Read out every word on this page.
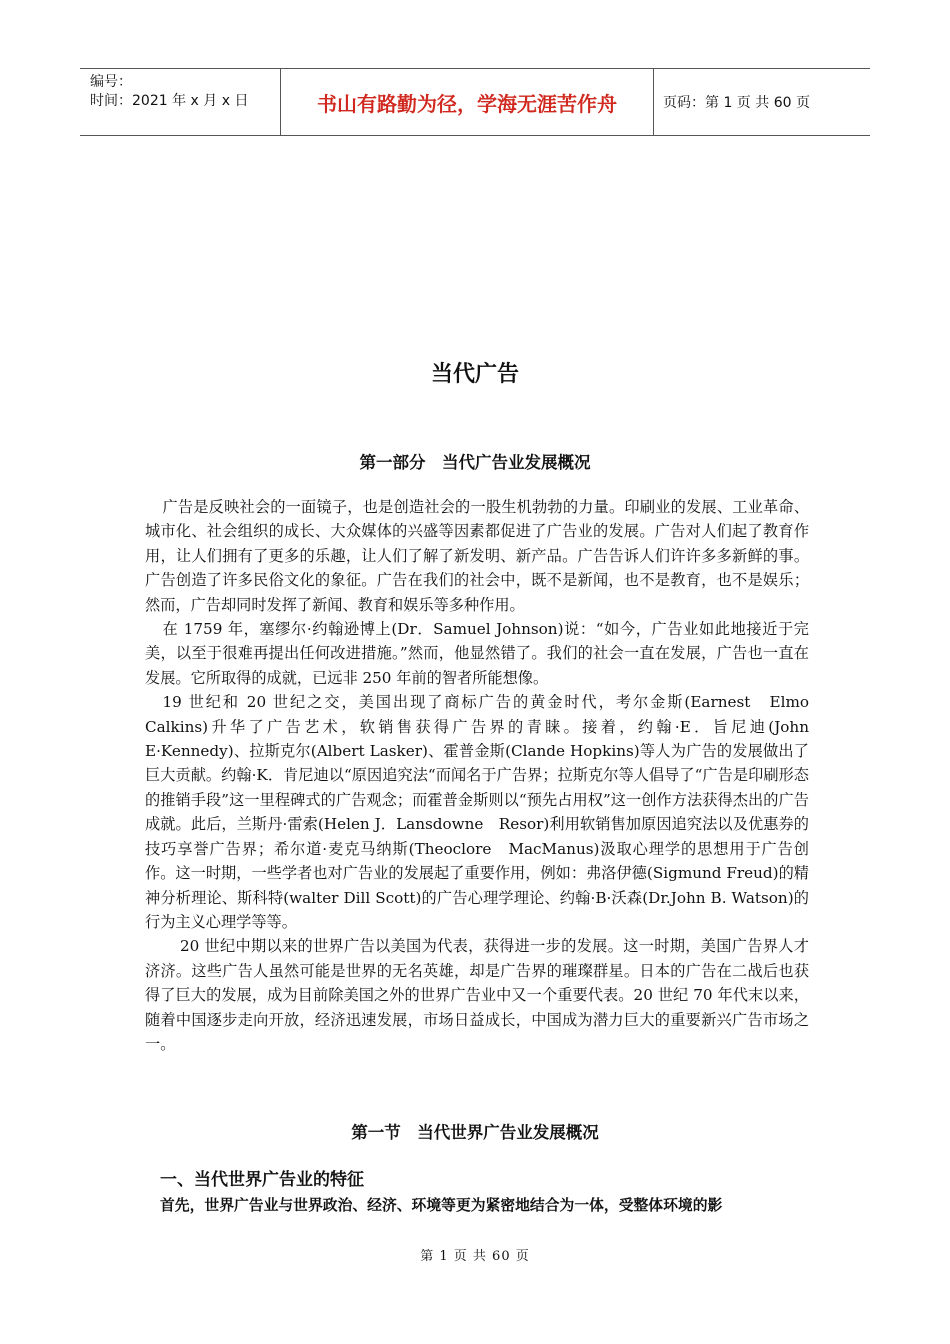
编号：
时间：2021 年 x 月 x 日	书山有路勤为径，学海无涯苦作舟	页码：第 1 页 共 60 页
当代广告
第一部分　当代广告业发展概况

广告是反映社会的一面镜子，也是创造社会的一股生机勃勃的力量。印刷业的发展、工业革命、城市化、社会组织的成长、大众媒体的兴盛等因素都促进了广告业的发展。广告对人们起了教育作用，让人们拥有了更多的乐趣，让人们了解了新发明、新产品。广告告诉人们许许多多新鲜的事。广告创造了许多民俗文化的象征。广告在我们的社会中，既不是新闻，也不是教育，也不是娱乐；然而，广告却同时发挥了新闻、教育和娱乐等多种作用。

在 1759 年，塞缪尔·约翰逊博上(Dr．Samuel Johnson)说：“如今，广告业如此地接近于完美，以至于很难再提出任何改进措施。”然而，他显然错了。我们的社会一直在发展，广告也一直在发展。它所取得的成就，已远非 250 年前的智者所能想像。

19 世纪和 20 世纪之交，美国出现了商标广告的黄金时代，考尔金斯(Earnest　Elmo Calkins)升华了广告艺术，软销售获得广告界的青睐。接着，约翰·E．旨尼迪(John E·Kennedy)、拉斯克尔(Albert Lasker)、霍普金斯(Clande Hopkins)等人为广告的发展做出了巨大贡献。约翰·K．肯尼迪以“原因追究法“而闻名于广告界；拉斯克尔等人倡导了“广告是印刷形态的推销手段”这一里程碑式的广告观念；而霍普金斯则以“预先占用权”这一创作方法获得杰出的广告成就。此后，兰斯丹·雷索(Helen J．Lansdowne　Resor)利用软销售加原因追究法以及优惠券的技巧享誉广告界；希尔道·麦克马纳斯(Theoclore　MacManus)汲取心理学的思想用于广告创作。这一时期，一些学者也对广告业的发展起了重要作用，例如：弗洛伊德(Sigmund Freud)的精神分析理论、斯科特(walter Dill Scott)的广告心理学理论、约翰·B·沃森(Dr.John B. Watson)的行为主义心理学等等。

20 世纪中期以来的世界广告以美国为代表，获得进一步的发展。这一时期，美国广告界人才济济。这些广告人虽然可能是世界的无名英雄，却是广告界的璀璨群星。日本的广告在二战后也获得了巨大的发展，成为目前除美国之外的世界广告业中又一个重要代表。20 世纪 70 年代末以来，随着中国逐步走向开放，经济迅速发展，市场日益成长，中国成为潜力巨大的重要新兴广告市场之一。

第一节　当代世界广告业发展概况
一、当代世界广告业的特征
首先，世界广告业与世界政治、经济、环境等更为紧密地结合为一体，受整体环境的影
第 1 页 共 60 页
